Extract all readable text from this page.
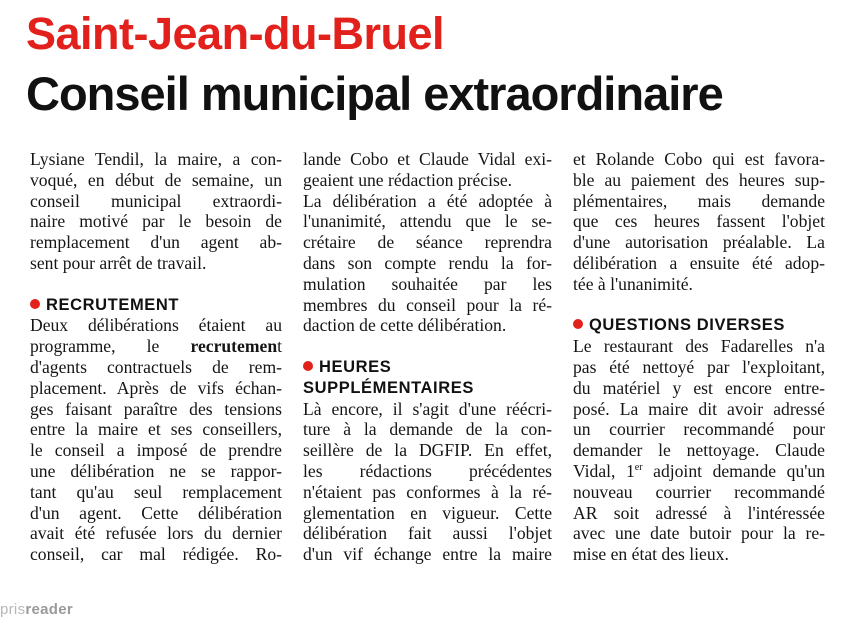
Saint-Jean-du-Bruel
Conseil municipal extraordinaire
Lysiane Tendil, la maire, a con-
voqué, en début de semaine, un
conseil municipal extraordi-
naire motivé par le besoin de
remplacement d'un agent ab-
sent pour arrêt de travail.
RECRUTEMENT
Deux délibérations étaient au
programme, le recrutement
d'agents contractuels de rem-
placement. Après de vifs échan-
ges faisant paraître des tensions
entre la maire et ses conseillers,
le conseil a imposé de prendre
une délibération ne se rappor-
tant qu'au seul remplacement
d'un agent. Cette délibération
avait été refusée lors du dernier
conseil, car mal rédigée. Ro-
lande Cobo et Claude Vidal exi-
geaient une rédaction précise.
La délibération a été adoptée à
l'unanimité, attendu que le se-
crétaire de séance reprendra
dans son compte rendu la for-
mulation souhaitée par les
membres du conseil pour la ré-
daction de cette délibération.
HEURES
SUPPLÉMENTAIRES
Là encore, il s'agit d'une réécri-
ture à la demande de la con-
seillère de la DGFIP. En effet,
les rédactions précédentes
n'étaient pas conformes à la ré-
glementation en vigueur. Cette
délibération fait aussi l'objet
d'un vif échange entre la maire
et Rolande Cobo qui est favora-
ble au paiement des heures sup-
plémentaires, mais demande
que ces heures fassent l'objet
d'une autorisation préalable. La
délibération a ensuite été adop-
tée à l'unanimité.
QUESTIONS DIVERSES
Le restaurant des Fadarelles n'a
pas été nettoyé par l'exploitant,
du matériel y est encore entre-
posé. La maire dit avoir adressé
un courrier recommandé pour
demander le nettoyage. Claude
Vidal, 1er adjoint demande qu'un
nouveau courrier recommandé
AR soit adressé à l'intéressée
avec une date butoir pour la re-
mise en état des lieux.
prisreader
